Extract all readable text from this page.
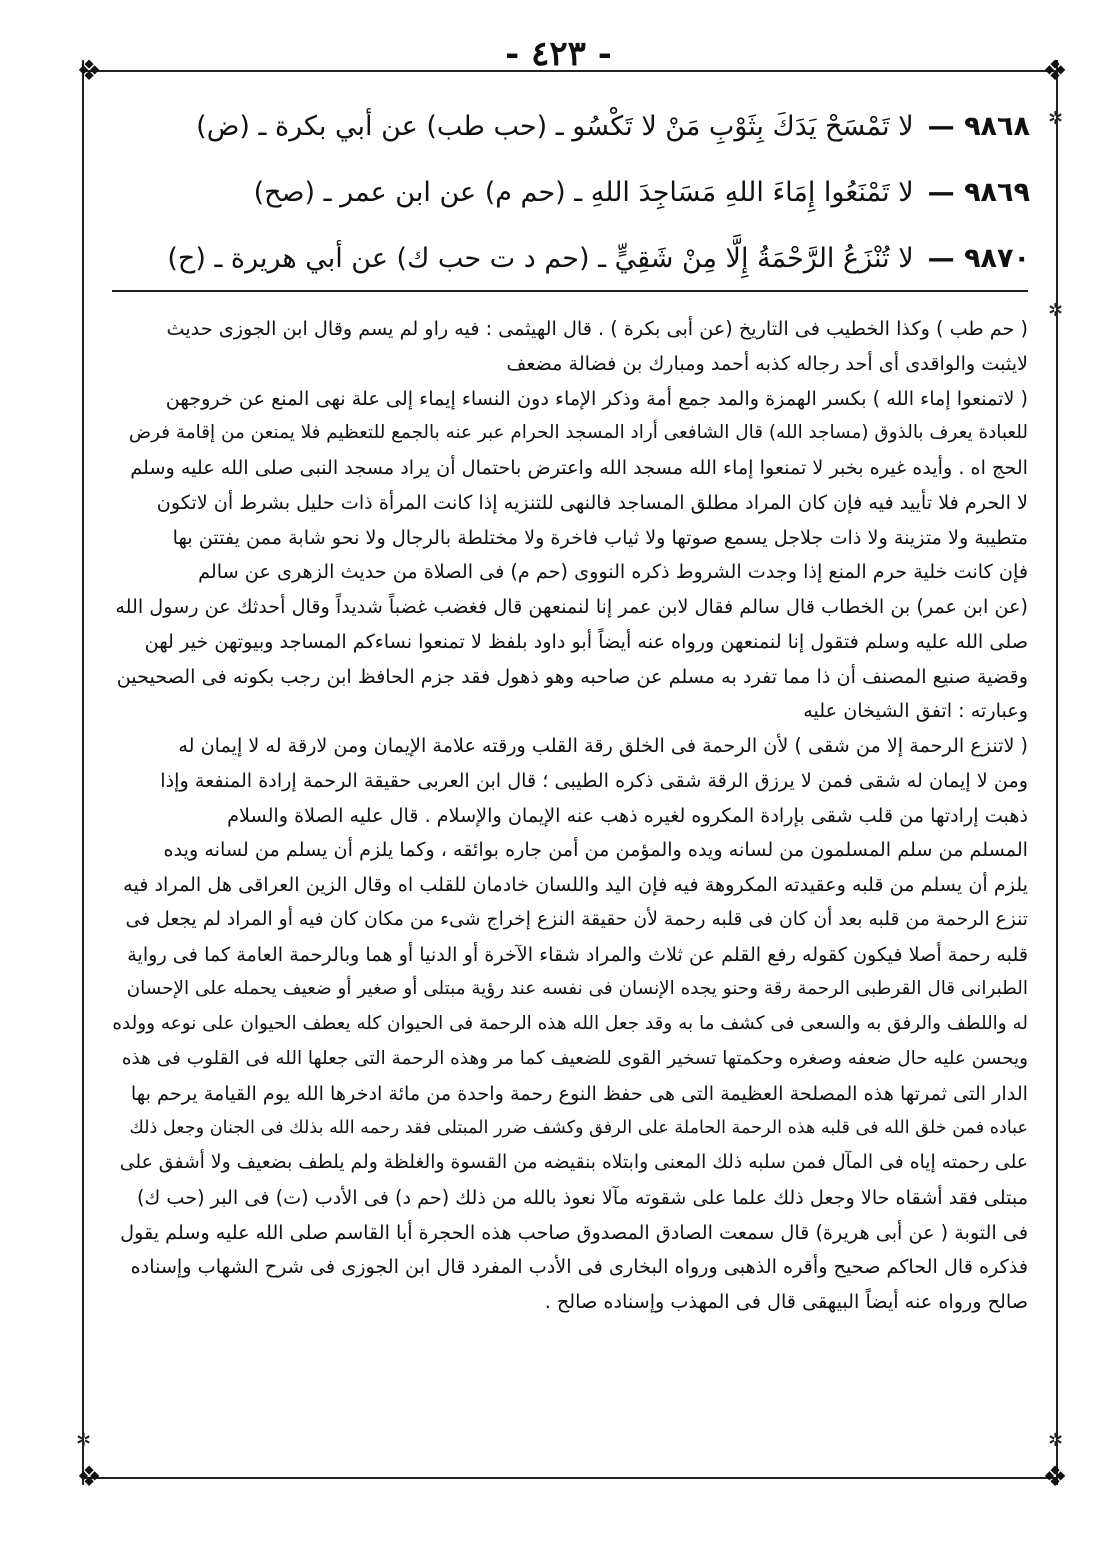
- ٤٢٣ -
❖	❖
❖	❖
✲
✲
✲
✲
٩٨٦٨ —لا تَمْسَحْ يَدَكَ بِثَوْبِ مَنْ لا تَكْسُو ـ (حب طب) عن أبي بكرة ـ (ض)
٩٨٦٩ —لا تَمْنَعُوا إِمَاءَ اللهِ مَسَاجِدَ اللهِ ـ (حم م) عن ابن عمر ـ (صح)
٩٨٧٠ —لا تُنْزَعُ الرَّحْمَةُ إِلَّا مِنْ شَقِيٍّ ـ (حم د ت حب ك) عن أبي هريرة ـ (ح)
( حم طب ) وكذا الخطيب فى التاريخ (عن أبى بكرة ) . قال الهيثمى : فيه راو لم يسم وقال ابن الجوزى حديث
لايثبت والواقدى أى أحد رجاله كذبه أحمد ومبارك بن فضالة مضعف
( لاتمنعوا إماء الله ) بكسر الهمزة والمد جمع أمة وذكر الإماء دون النساء إيماء إلى علة نهى المنع عن خروجهن
للعبادة يعرف بالذوق (مساجد الله) قال الشافعى أراد المسجد الحرام عبر عنه بالجمع للتعظيم فلا يمنعن من إقامة فرض
الحج اه . وأيده غيره بخبر لا تمنعوا إماء الله مسجد الله واعترض باحتمال أن يراد مسجد النبى صلى الله عليه وسلم
لا الحرم فلا تأييد فيه فإن كان المراد مطلق المساجد فالنهى للتنزيه إذا كانت المرأة ذات حليل بشرط أن لاتكون
متطيبة ولا متزينة ولا ذات جلاجل يسمع صوتها ولا ثياب فاخرة ولا مختلطة بالرجال ولا نحو شابة ممن يفتتن بها
فإن كانت خلية حرم المنع إذا وجدت الشروط ذكره النووى (حم م) فى الصلاة من حديث الزهرى عن سالم
(عن ابن عمر) بن الخطاب قال سالم فقال لابن عمر إنا لنمنعهن قال فغضب غضباً شديداً وقال أحدثك عن رسول الله
صلى الله عليه وسلم فتقول إنا لنمنعهن ورواه عنه أيضاً أبو داود بلفظ لا تمنعوا نساءكم المساجد وبيوتهن خير لهن
وقضية صنيع المصنف أن ذا مما تفرد به مسلم عن صاحبه وهو ذهول فقد جزم الحافظ ابن رجب بكونه فى الصحيحين
وعبارته : اتفق الشيخان عليه
( لاتنزع الرحمة إلا من شقى ) لأن الرحمة فى الخلق رقة القلب ورقته علامة الإيمان ومن لارقة له لا إيمان له
ومن لا إيمان له شقى فمن لا يرزق الرقة شقى ذكره الطيبى ؛ قال ابن العربى حقيقة الرحمة إرادة المنفعة وإذا
ذهبت إرادتها من قلب شقى بإرادة المكروه لغيره ذهب عنه الإيمان والإسلام . قال عليه الصلاة والسلام
المسلم من سلم المسلمون من لسانه ويده والمؤمن من أمن جاره بوائقه ، وكما يلزم أن يسلم من لسانه ويده
يلزم أن يسلم من قلبه وعقيدته المكروهة فيه فإن اليد واللسان خادمان للقلب اه وقال الزين العراقى هل المراد فيه
تنزع الرحمة من قلبه بعد أن كان فى قلبه رحمة لأن حقيقة النزع إخراج شىء من مكان كان فيه أو المراد لم يجعل فى
قلبه رحمة أصلا فيكون كقوله رفع القلم عن ثلاث والمراد شقاء الآخرة أو الدنيا أو هما وبالرحمة العامة كما فى رواية
الطبرانى قال القرطبى الرحمة رقة وحنو يجده الإنسان فى نفسه عند رؤية مبتلى أو صغير أو ضعيف يحمله على الإحسان
له واللطف والرفق به والسعى فى كشف ما به وقد جعل الله هذه الرحمة فى الحيوان كله يعطف الحيوان على نوعه وولده
ويحسن عليه حال ضعفه وصغره وحكمتها تسخير القوى للضعيف كما مر وهذه الرحمة التى جعلها الله فى القلوب فى هذه
الدار التى ثمرتها هذه المصلحة العظيمة التى هى حفظ النوع رحمة واحدة من مائة ادخرها الله يوم القيامة يرحم بها
عباده فمن خلق الله فى قلبه هذه الرحمة الحاملة على الرفق وكشف ضرر المبتلى فقد رحمه الله بذلك فى الجنان وجعل ذلك
على رحمته إياه فى المآل فمن سلبه ذلك المعنى وابتلاه بنقيضه من القسوة والغلظة ولم يلطف بضعيف ولا أشفق على
مبتلى فقد أشقاه حالا وجعل ذلك علما على شقوته مآلا نعوذ بالله من ذلك (حم د) فى الأدب (ت) فى البر (حب ك)
فى التوبة ( عن أبى هريرة) قال سمعت الصادق المصدوق صاحب هذه الحجرة أبا القاسم صلى الله عليه وسلم يقول
فذكره قال الحاكم صحيح وأقره الذهبى ورواه البخارى فى الأدب المفرد قال ابن الجوزى فى شرح الشهاب وإسناده
صالح ورواه عنه أيضاً البيهقى قال فى المهذب وإسناده صالح .
